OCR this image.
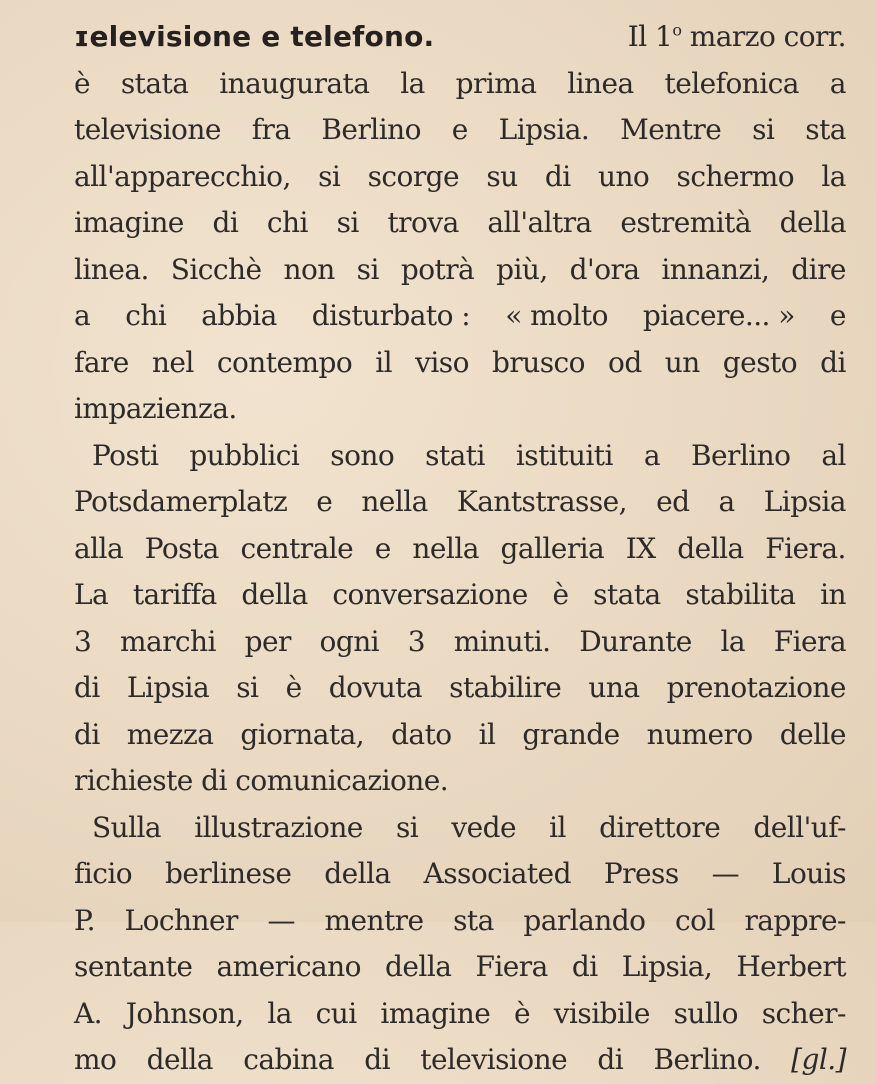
ɪelevisione e telefono.	Il 1$^o$ marzo corr.
è stata inaugurata la prima linea telefonica a
televisione fra Berlino e Lipsia. Mentre si sta
all'apparecchio, si scorge su di uno schermo la
imagine di chi si trova all'altra estremità della
linea. Sicchè non si potrà più, d'ora innanzi, dire
a chi abbia disturbato : « molto piacere... » e
fare nel contempo il viso brusco od un gesto di
impazienza.
Posti pubblici sono stati istituiti a Berlino al
Potsdamerplatz e nella Kantstrasse, ed a Lipsia
alla Posta centrale e nella galleria IX della Fiera.
La tariffa della conversazione è stata stabilita in
3 marchi per ogni 3 minuti. Durante la Fiera
di Lipsia si è dovuta stabilire una prenotazione
di mezza giornata, dato il grande numero delle
richieste di comunicazione.
Sulla illustrazione si vede il direttore dell'uf-
ficio berlinese della Associated Press — Louis
P. Lochner — mentre sta parlando col rappre-
sentante americano della Fiera di Lipsia, Herbert
A. Johnson, la cui imagine è visibile sullo scher-
mo della cabina di televisione di Berlino. [gl.]
